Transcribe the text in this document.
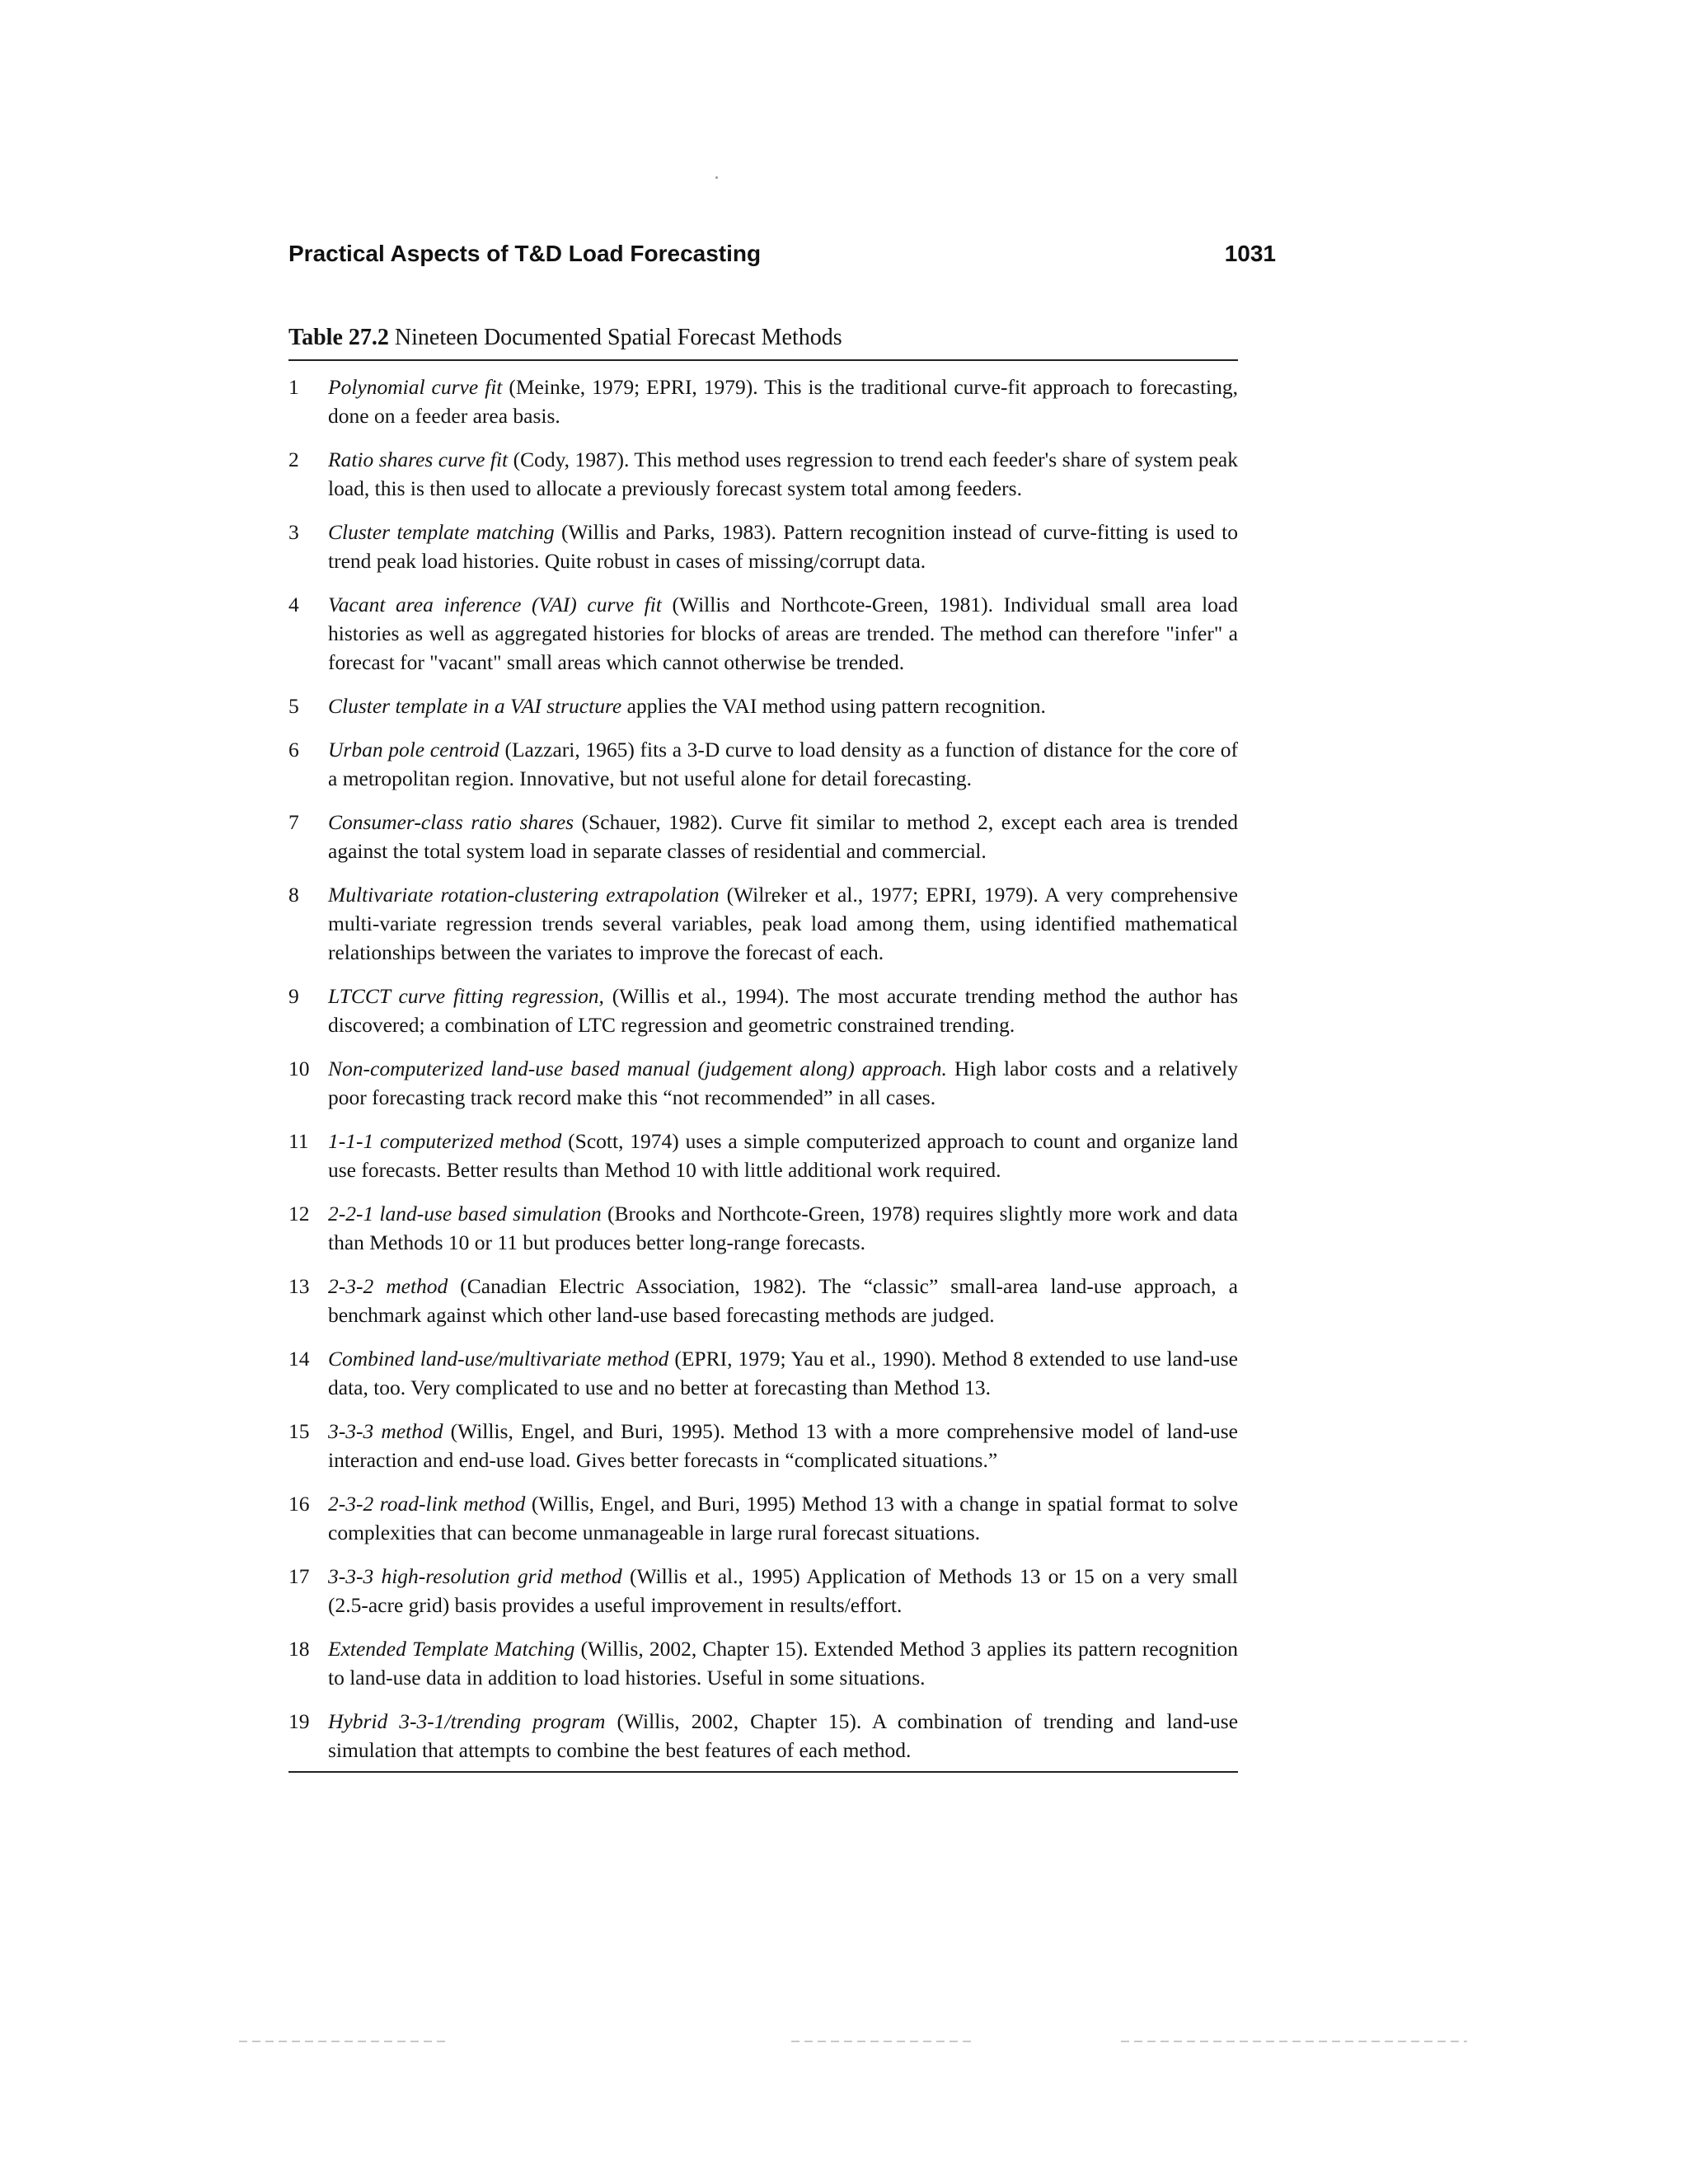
Practical Aspects of T&D Load Forecasting	1031
Table 27.2 Nineteen Documented Spatial Forecast Methods
1	Polynomial curve fit (Meinke, 1979; EPRI, 1979). This is the traditional curve-fit approach to forecasting, done on a feeder area basis.
2	Ratio shares curve fit (Cody, 1987). This method uses regression to trend each feeder's share of system peak load, this is then used to allocate a previously forecast system total among feeders.
3	Cluster template matching (Willis and Parks, 1983). Pattern recognition instead of curve-fitting is used to trend peak load histories. Quite robust in cases of missing/corrupt data.
4	Vacant area inference (VAI) curve fit (Willis and Northcote-Green, 1981). Individual small area load histories as well as aggregated histories for blocks of areas are trended. The method can therefore "infer" a forecast for "vacant" small areas which cannot otherwise be trended.
5	Cluster template in a VAI structure applies the VAI method using pattern recognition.
6	Urban pole centroid (Lazzari, 1965) fits a 3-D curve to load density as a function of distance for the core of a metropolitan region. Innovative, but not useful alone for detail forecasting.
7	Consumer-class ratio shares (Schauer, 1982). Curve fit similar to method 2, except each area is trended against the total system load in separate classes of residential and commercial.
8	Multivariate rotation-clustering extrapolation (Wilreker et al., 1977; EPRI, 1979). A very comprehensive multi-variate regression trends several variables, peak load among them, using identified mathematical relationships between the variates to improve the forecast of each.
9	LTCCT curve fitting regression, (Willis et al., 1994). The most accurate trending method the author has discovered; a combination of LTC regression and geometric constrained trending.
10 Non-computerized land-use based manual (judgement along) approach. High labor costs and a relatively poor forecasting track record make this “not recommended” in all cases.
11 1-1-1 computerized method (Scott, 1974) uses a simple computerized approach to count and organize land use forecasts. Better results than Method 10 with little additional work required.
12 2-2-1 land-use based simulation (Brooks and Northcote-Green, 1978) requires slightly more work and data than Methods 10 or 11 but produces better long-range forecasts.
13 2-3-2 method (Canadian Electric Association, 1982). The “classic” small-area land-use approach, a benchmark against which other land-use based forecasting methods are judged.
14 Combined land-use/multivariate method (EPRI, 1979; Yau et al., 1990). Method 8 extended to use land-use data, too. Very complicated to use and no better at forecasting than Method 13.
15 3-3-3 method (Willis, Engel, and Buri, 1995). Method 13 with a more comprehensive model of land-use interaction and end-use load. Gives better forecasts in “complicated situations.”
16 2-3-2 road-link method (Willis, Engel, and Buri, 1995) Method 13 with a change in spatial format to solve complexities that can become unmanageable in large rural forecast situations.
17 3-3-3 high-resolution grid method (Willis et al., 1995) Application of Methods 13 or 15 on a very small (2.5-acre grid) basis provides a useful improvement in results/effort.
18 Extended Template Matching (Willis, 2002, Chapter 15). Extended Method 3 applies its pattern recognition to land-use data in addition to load histories. Useful in some situations.
19 Hybrid 3-3-1/trending program (Willis, 2002, Chapter 15). A combination of trending and land-use simulation that attempts to combine the best features of each method.
